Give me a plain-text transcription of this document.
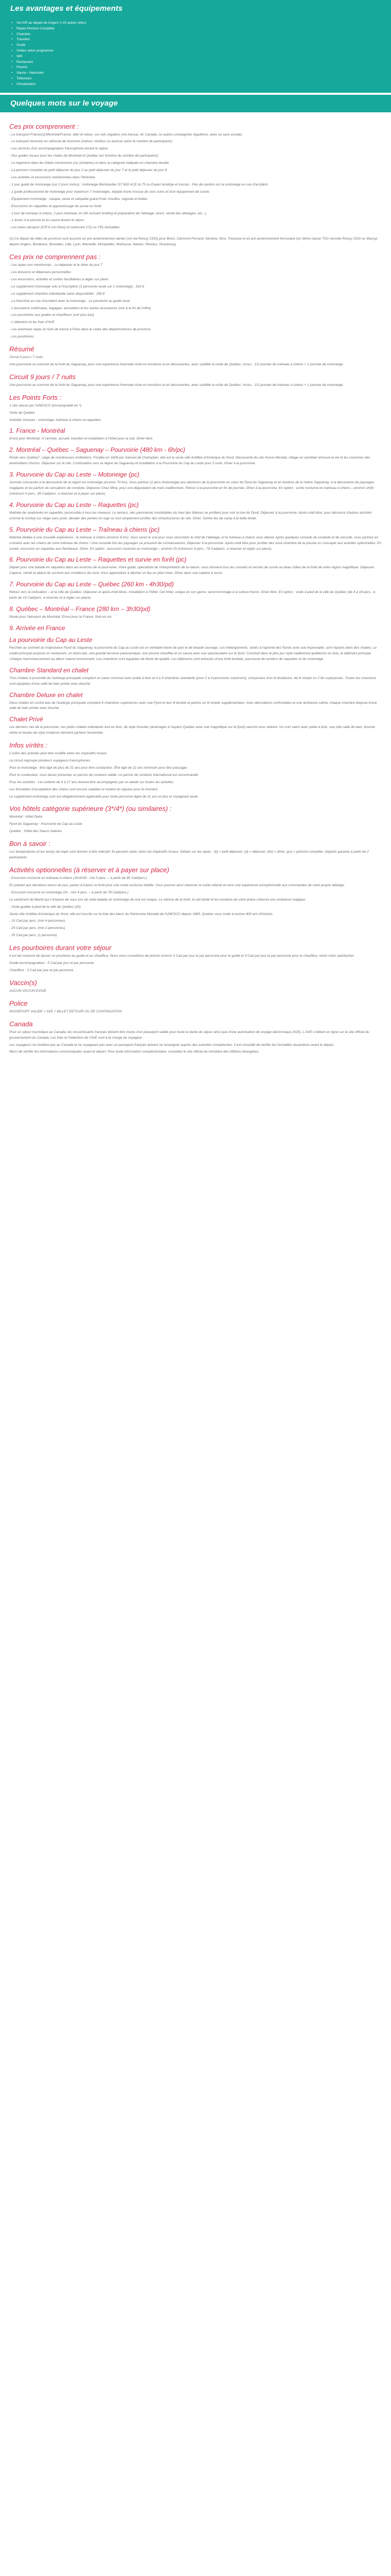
Les avantages et équipements
• Vol A/R au départ de Angers (+15 autres villes)
• Repas Pension Complète
• Chambre
• Transfert
• Guide
• Visites selon programme
• Wifi
• Restaurant
• Piscine
• Sauna - Hammam
• Télévision
• Climatisation
Quelques mots sur le voyage
Ces prix comprennent :

- Le transport France(1)/Montréal/France, aller et retour, sur vols réguliers (via transat, Air Canada, ou autres compagnies régulières, avec ou sans escale).

- Le transport terrestre en véhicule de tourisme (voiture, minibus ou autocar selon le nombre de participants)

- Les services d'un accompagnateur francophone durant le séjour

- Des guides locaux pour les visites de Montréal et Québec (en fonction du nombre de participants)

- Le logement dans les hôtels mentionnés (ou similaires) et dans la catégorie indiquée en chambre double

- La pension complète du petit déjeuner du jour 2 au petit déjeuner du jour 7 et le petit déjeuner du jour 8

- Les activités et excursions mentionnées dans l'itinéraire

- 1 jour guidé de motoneige (sur 2 jours inclus) : motoneige Bombardier GT 600 ACE (à 75 ou Expert lendirge et lourse) - Pas de caution sur la motoneige en cas d'accident

- 1 guide professionnel de motoneige pour maximum 7 motoneiges, équipé d'une trousse de 1ers soins et d'un équipement de survie.

- Équipement motoneige : casque, veste et salopette grand froid, moufles, cagoule et bottes

- Excursions en raquettes et apprentissage de survie en forêt

- 1 tour de traîneau à chiens, 2 pers./traîneau 1h (4h incluant briefing et préparation de l'attelage, lunch, retrait des attelages, etc...)

- 1 accès à la piscine et au sauna durant le séjour

- Les taxes aéroport (375 € non fixes) et carburant (YQ ou YR) révisables

(1) Ce départ de villes de province sont assurés en pré acheminement aérien (vol via Roissy CDG) pour Brest, Clermont-Ferrand, Genève, Nice, Toulouse et en pré acheminement ferroviaire (en 2ème classe TGV vers/de Roissy CDG ou Massy) depuis Angers, Bordeaux, Bruxelles, Lille, Lyon, Marseille, Montpellier, Mulhouse, Nantes, Rennes, Strasbourg.

Ces prix ne comprennent pas :

- Les repas non mentionnés - Le déjeuner et le diner du jour 7

- Les boissons et dépenses personnelles

- Les excursions, activités et sorties facultatives à régler sur place

- Le supplément motoneige solo à l'inscription (1 personne seule sur 1 motoneige) : 310 €

- Le supplément chambre individuelle selon disponibilité : 290 €

- La franchise en cas d'accident avec la motoneige - Le pourboire au guide local

- L'assurance multirisque, bagages, annulation et les autres assurances (voir à la fin de l'offre)

- Les pourboires aux guides et chauffeurs (voir plus bas)

- L'obtention et les frais d'AVE

- Les éventuels repas et nuits de transit à Paris dans le cadre des départs/retours de province.

- Les pourboires

Résumé

Circuit 9 jours / 7 nuits

Une pourvoirie au sommet de la forêt du Saguenay, pour une expérience hivernale riche en émotions et en découvertes, avec subtilite la visite de Québec. Inclus : 1/2 journée de traîneau à chiens + 1 journée de motoneige.

Circuit 9 jours / 7 nuits

Une pourvoirie au sommet de la forêt du Saguenay, pour une expérience hivernale riche en émotions et en découvertes, avec subtilite la visite de Québec. Inclus : 1/2 journée de traîneau à chiens + 1 journée de motoneige.

Les Points Forts :

1 site classé par l'UNESCO (immanquable en *)

Visite de Québec

Activités incluses : motoneige, traîneau à chiens et raquettes

1. France - Montréal

Envol pour Montréal. À l'arrivée, accueil, transfert et installation à l'hôtel pour la nuit. Dîner libre.

2. Montréal – Québec – Saguenay – Pourvoirie (480 km - 6h/pc)

Route vers Québec*, siège de nombreuses institutions. Fondée en 1608 par Samuel de Champlain, elle est la seule ville fortifiée d'Amérique du Nord. Découverte du site Huron-Wendat, village où semblait retrouvé la vie et les coutumes des amérindiens Hurons. Déjeuner sur le site. Continuation vers la région de Saguenay et installation à la Pourvoirie du Cap au Leste pour 5 nuits. Dîner à la pourvoirie.

3. Pourvoirie du Cap au Leste – Motoneige (pc)

Journée consacrée à la découverte de la région en motoneige (environ 70 km). Vous partirez (2 pers./motoneige) aux alentours de la pourvoirie en cœur du Fjord du Saguenay et en bordure de la rivière Saguenay, à la découverte de paysages magiques et du parfum de sensations de conduite. Déjeuner Chez Mina, pour une dégustation de mets traditionnels. Retour à la pourvoirie en fin de journée. Dîner à la pourvoirie. En option : sortie nocturne en traîneau à chiens – environ 1h00 (minimum 5 pers., 85 Cad/pers. à réserver et à payer sur place)

4. Pourvoirie du Cap au Leste – Raquettes (pc)

Matinée de randonnée en raquettes (accessible à tous les niveaux). Le lancers, des panoramas inoubliables du haut des falaises se profilent pour voir la rive du Fjord. Déjeuner à la pourvoirie. Après-midi libre, pour découvrir d'autres activités comme le hockey sur neige sans piste, dévaler des pentes en luge ou tout simplement profiter des infrastructures du site. Dîner. Soirée feu de camp à la belle étoile.

5. Pourvoirie du Cap au Leste – Traîneau à chiens (pc)

Matinée dédiée à une nouvelle expérience : le traîneau à chiens (environ 8 km). Vous serez le vrai pour vous rencontrer le chef de l'attelage, et le traîneau à chiens vous attend. Après quelques conseils de conduite et de sécurité, vous partirez en croisière avec les chiens de votre traîneau de chiens ! Une nouvelle fois les paysages se prouvent de connaissances. Déjeuner à la pourvoirie. Après-midi libre pour profiter des sous-chambre de la piscine ou s'essayer aux activités optionnelles. En soirée, excursion en raquettes aux flambeaux. Dîner. En option : excursion nocturne en motoneige – environ 2h (minimum 4 pers., 78 Cad/pers. à réserver et régler sur place).

6. Pourvoirie du Cap au Leste – Raquettes et survie en forêt (pc)

Départ pour une balade en raquettes dans les environs de la pourvoirie. Votre guide, spécialiste de l'interprétation de la nature, vous donnera tous les conseils et secrets de survie au beau milieu de la forêt de votre région magnifique. Déjeuner. Capture, retrait et abécé de survivre aux conditions du nord. Vous apprendrez à allumer un feu en plein hiver. Dîner dans une cabane à sucre.

7. Pourvoirie du Cap au Leste – Québec (260 km - 4h30/pd)

Retour vers la civilisation – et la ville de Québec. Déjeuner et après-midi libres. Installation à l'hôtel. Cet hôtel, unique en son genre, vend hommage à la culture Huron. Dîner libre. En option : visite à pied de la ville de Québec (de 4 à 18 pers., à partir de 15 Cad/pers. à réserver et à régler sur place).

8. Québec – Montréal – France (280 km – 3h30/pd)

Route pour l'aéroport de Montréal. Envol pour la France. Nuit en vol.

9. Arrivée en France
La pourvoirie du Cap au Leste

Perchée au sommet du majestueux Fjord du Saguenay, la pourvoirie du Cap au Leste est un véritable havre de paix et de beauté sauvage. Les hébergements, situés à l'aplomb des Fjords avec vue imprenable, sont répartis dans des chalets. Le chalet principal propose un restaurant, un bistro-bar, une grande terrasse panoramique, une piscine chauffée et un sauna avec vue spectaculaire sur le fjord. Construit dans le plus pur style traditionnel québécois en bois, le bâtiment principal s'intègre harmonieusement au décor naturel environnant. Les chambres sont équipées de literie de qualité. Les bâtiments sont entourés d'une forêt boréale, parcourue de sentiers de raquettes et de motoneige.

Chambre Standard en chalet

Trois chalets à proximité de l'auberge principale comptent un salon commun avec poêle à bois et 4 à 9 chambres standards (pour 2 à 4 personnes maximum), composées d'un lit double/un, de lit simple ou 2 lits superposés. Toutes les chambres sont équipées d'une salle de bain privée avec douche.

Chambre Deluxe en chalet

Deux chalets en contre-bas de l'auberge principale comptent 6 chambres supérieures avec vue Fjord et leur lit double et parfois un lit simple supplémentaire. Avec décorations confortables et une ambiance calme, chaque chambre dispose d'une salle de bain privée avec douche.

Chalet Privé

Les derniers nés de la pourvoirie, ces petits chalets individuels tout en bois, de style forestier (aménagés à l'aspect Québec avec vue magnifique sur le fjord) sauront vous séduire. Un coin salon avec poêle à bois, une jolie salle de bain, douche vitrée et lavabo de style moderne viennent parfaire l'ensemble.

Infos víritès :

L'ordre des activités peut être modifié selon les impératifs locaux

Le circuit regroupe plusieurs voyageurs francophones

Pour la motoneige : être âgé de plus de 21 ans pour être conducteur. Être âgé de 12 ans minimum pour être passager.

Pour le conducteur, vous devez présenter un permis de conduire valide. Le permis de conduire international est recommandé.

Pour les activités : Les enfants de 6 à 17 ans doivent être accompagnés par un adulte sur toutes les activités.

Les formalités d'acceptation des chiens sont encore valables et restent en vigueur pour le moment.

Le supplément motoneige solo est obligatoirement applicable pour toute personne âgée de 21 ans et plus et voyageant seule.

Vos hôtels catégorie supérieure (3*/4*) (ou similaires) :

Montréal : Hôtel Delta

Fjord du Saguenay : Pourvoirie du Cap au Leste

Québec : Hôtel des Sœurs Natives

Bon à savoir :

Les températures et les temps de trajet sont donnés à titre indicatif. Ils peuvent varier selon les impératifs locaux. Détails sur les repas : (b) = petit déjeuner, (d) = déjeuner, (dn) = dîner, (pc) = pension complète. Départs garantis à partir de 2 participants.

Activités optionnelles (à réserver et à payer sur place)

- Excursion nocturne en traîneau à chiens (1h/1h30 - min 5 pers. – à partir de 85 Cad/pers.)

En partant aux dernières lueurs du jour, partez à travers la forêt pour une sortie nocturne inédite. Vous pourrez ainsi observer la voûte céleste et vivre une expérience exceptionnelle aux commandes de votre propre attelage.

- Excursion nocturne en motoneige (2h - min 4 pers. – à partir de 78 Cad/pers.)

Le sentiment de liberté qui s'empare de vous lors de cette balade en motoneige de nuit est unique. Le silence de la forêt, le ciel étoilé et les lumières de votre phare créeront une ambiance magique.

- Visite guidée à pied de la ville de Québec (2h)

Seule ville fortifiée d'Amérique du Nord, elle est inscrite sur la liste des biens du Patrimoine Mondial de l'UNESCO depuis 1985. Québec vous invite à revivre 400 ans d'histoire.

- 15 Cad par pers. (min 4 personnes)

- 25 Cad par pers. (min 2 personnes)

- 35 Cad par pers. (1 personne)

Les pourboires durant votre séjour

Il est de coutume de laisser un pourboire au guide et au chauffeur. Nous vous conseillons de prévoir environ 5 Cad par jour et par personne pour le guide et 3 Cad par jour et par personne pour le chauffeur, selon votre satisfaction.

Guide accompagnateur : 5 Cad par jour et par personne

Chauffeur : 3 Cad par jour et par personne

Vaccin(s)

AUCUN VACCIN EXIGÉ

Police

PASSEPORT VALIDE + AVE + BILLET RETOUR OU DE CONTINUATION

Canada

Pour un séjour touristique au Canada, les ressortissants français doivent être munis d'un passeport valide pour toute la durée du séjour ainsi que d'une autorisation de voyage électronique (AVE). L'AVE s'obtient en ligne sur le site officiel du gouvernement du Canada. Les frais et l'obtention de l'AVE sont à la charge du voyageur.

Les voyageurs ne résidant pas au Canada et ne voyageant pas avec un passeport français doivent se renseigner auprès des autorités compétentes. Il est conseillé de vérifier les formalités douanières avant le départ.

Merci de vérifier les informations communiquées avant le départ. Pour toute information complémentaire, consultez le site officiel du ministère des Affaires étrangères.
